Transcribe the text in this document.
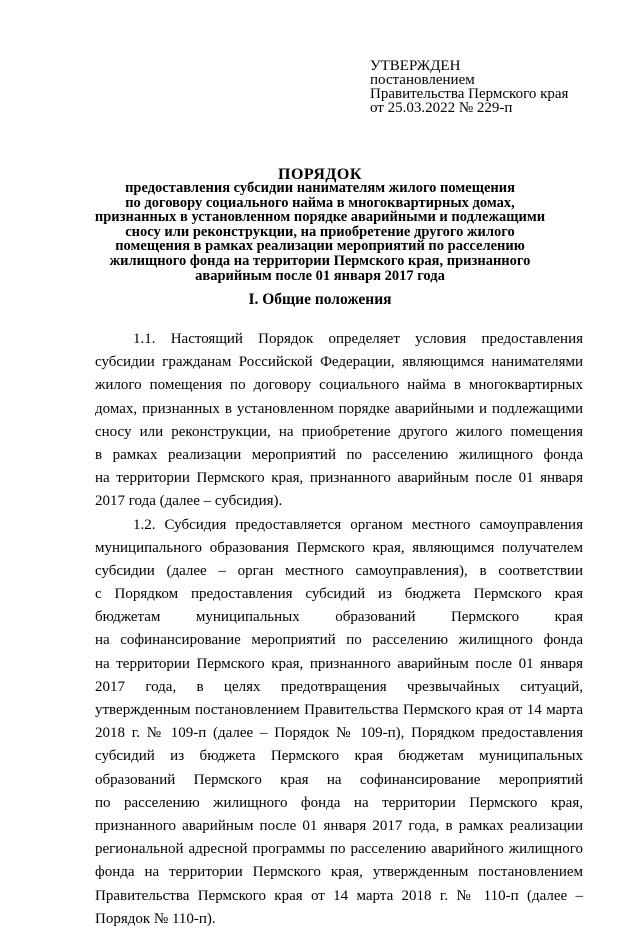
УТВЕРЖДЕН
постановлением
Правительства Пермского края
от 25.03.2022 № 229-п
ПОРЯДОК
предоставления субсидии нанимателям жилого помещения
по договору социального найма в многоквартирных домах,
признанных в установленном порядке аварийными и подлежащими
сносу или реконструкции, на приобретение другого жилого
помещения в рамках реализации мероприятий по расселению
жилищного фонда на территории Пермского края, признанного
аварийным после 01 января 2017 года
I. Общие положения
1.1. Настоящий Порядок определяет условия предоставления
субсидии гражданам Российской Федерации, являющимся нанимателями
жилого помещения по договору социального найма в многоквартирных
домах, признанных в установленном порядке аварийными и подлежащими
сносу или реконструкции, на приобретение другого жилого помещения
в рамках реализации мероприятий по расселению жилищного фонда
на территории Пермского края, признанного аварийным после 01 января
2017 года (далее – субсидия).
1.2. Субсидия предоставляется органом местного самоуправления
муниципального образования Пермского края, являющимся получателем
субсидии (далее – орган местного самоуправления), в соответствии
с Порядком предоставления субсидий из бюджета Пермского края
бюджетам муниципальных образований Пермского края
на софинансирование мероприятий по расселению жилищного фонда
на территории Пермского края, признанного аварийным после 01 января
2017 года, в целях предотвращения чрезвычайных ситуаций,
утвержденным постановлением Правительства Пермского края от 14 марта
2018 г. № 109-п (далее – Порядок № 109-п), Порядком предоставления
субсидий из бюджета Пермского края бюджетам муниципальных
образований Пермского края на софинансирование мероприятий
по расселению жилищного фонда на территории Пермского края,
признанного аварийным после 01 января 2017 года, в рамках реализации
региональной адресной программы по расселению аварийного жилищного
фонда на территории Пермского края, утвержденным постановлением
Правительства Пермского края от 14 марта 2018 г. № 110-п (далее –
Порядок № 110-п).
